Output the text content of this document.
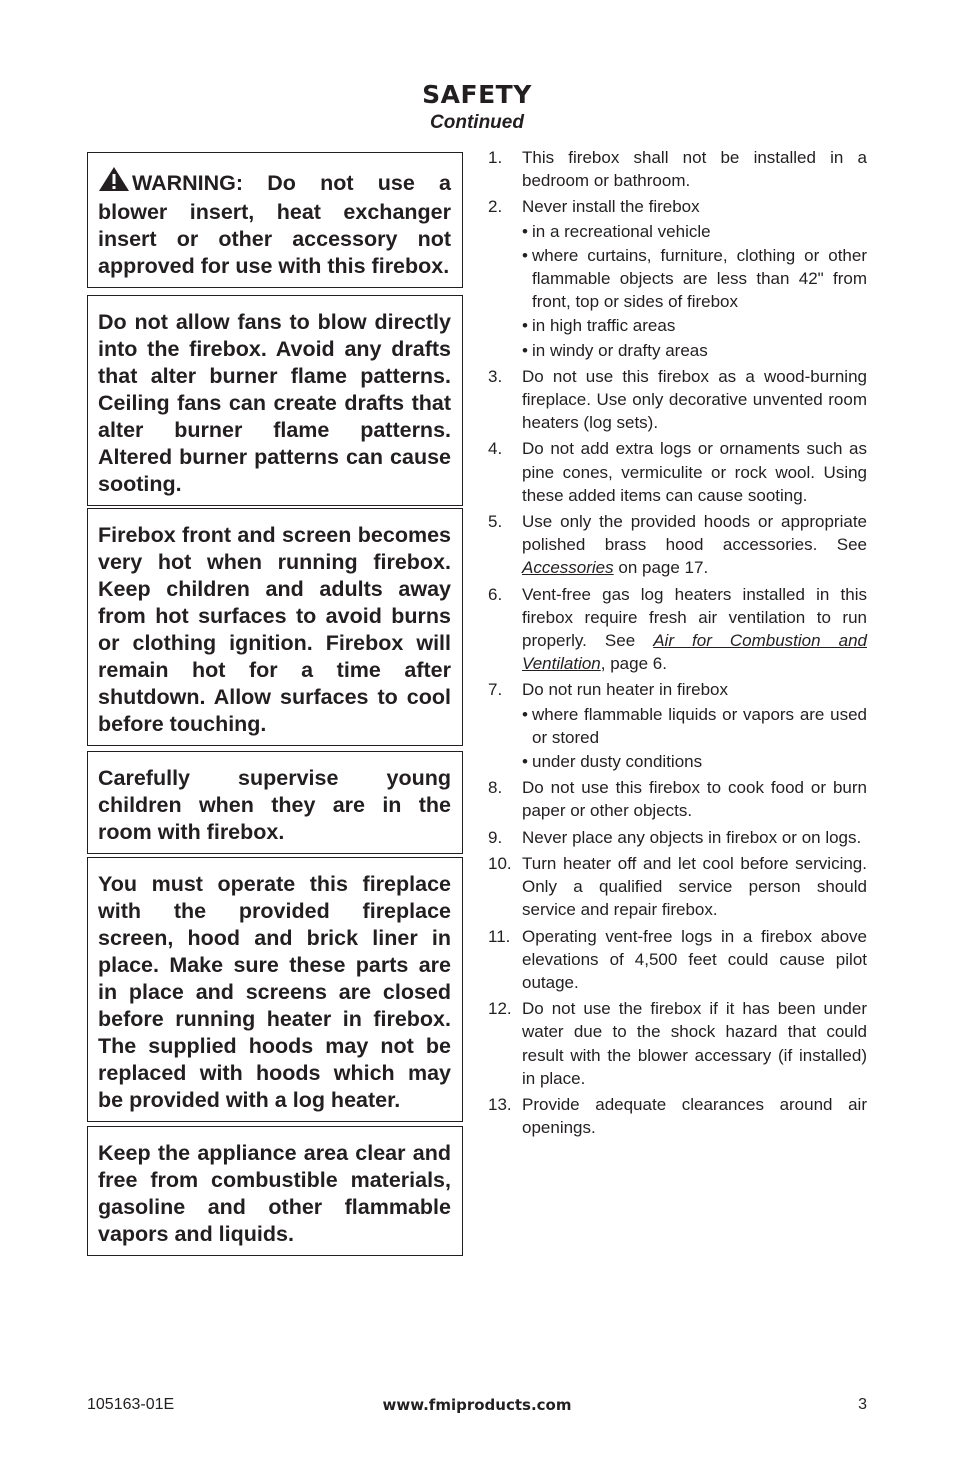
SAFETY
Continued
WARNING: Do not use a blower insert, heat exchanger insert or other accessory not approved for use with this firebox.
Do not allow fans to blow directly into the firebox. Avoid any drafts that alter burner flame patterns. Ceiling fans can create drafts that alter burner flame patterns. Altered burner patterns can cause sooting.
Firebox front and screen becomes very hot when running firebox. Keep children and adults away from hot surfaces to avoid burns or clothing ignition. Firebox will remain hot for a time after shutdown. Allow surfaces to cool before touching.
Carefully supervise young children when they are in the room with firebox.
You must operate this fireplace with the provided fireplace screen, hood and brick liner in place. Make sure these parts are in place and screens are closed before running heater in firebox. The supplied hoods may not be replaced with hoods which may be provided with a log heater.
Keep the appliance area clear and free from combustible materials, gasoline and other flammable vapors and liquids.
1. This firebox shall not be installed in a bedroom or bathroom.
2. Never install the firebox
• in a recreational vehicle
• where curtains, furniture, clothing or other flammable objects are less than 42" from front, top or sides of firebox
• in high traffic areas
• in windy or drafty areas
3. Do not use this firebox as a wood-burning fireplace. Use only decorative unvented room heaters (log sets).
4. Do not add extra logs or ornaments such as pine cones, vermiculite or rock wool. Using these added items can cause sooting.
5. Use only the provided hoods or appropriate polished brass hood accessories. See Accessories on page 17.
6. Vent-free gas log heaters installed in this firebox require fresh air ventilation to run properly. See Air for Combustion and Ventilation, page 6.
7. Do not run heater in firebox
• where flammable liquids or vapors are used or stored
• under dusty conditions
8. Do not use this firebox to cook food or burn paper or other objects.
9. Never place any objects in firebox or on logs.
10. Turn heater off and let cool before servicing. Only a qualified service person should service and repair firebox.
11. Operating vent-free logs in a firebox above elevations of 4,500 feet could cause pilot outage.
12. Do not use the firebox if it has been under water due to the shock hazard that could result with the blower accessary (if installed) in place.
13. Provide adequate clearances around air openings.
105163-01E	www.fmiproducts.com	3
